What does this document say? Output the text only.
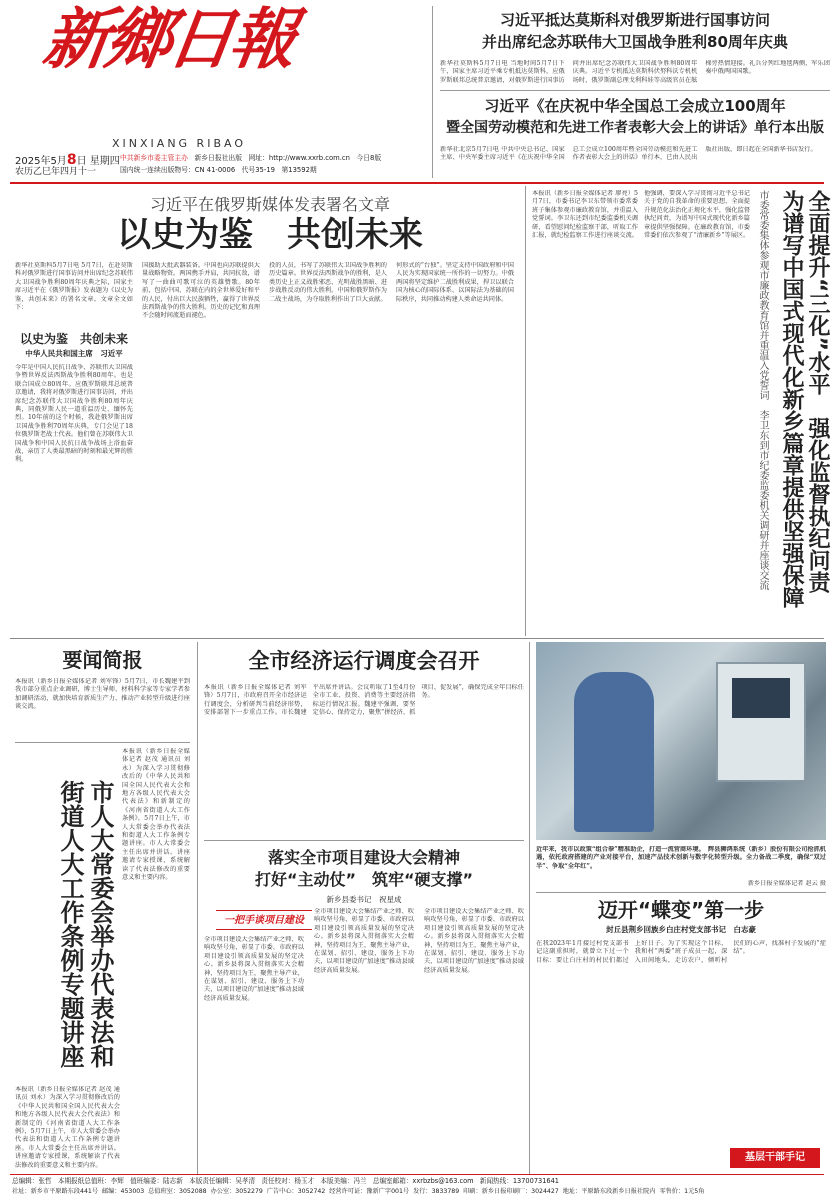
新鄉日報
XINXIANG RIBAO
2025年5月8日 星期四
农历乙巳年四月十一
中共新乡市委主管主办 新乡日报社出版 网址：http://www.xxrb.com.cn 今日8版
国内统一连续出版物号：CN 41-0006 代号35-19 第13592期
习近平抵达莫斯科对俄罗斯进行国事访问
并出席纪念苏联伟大卫国战争胜利80周年庆典
新华社莫斯科5月7日电 当地时间5月7日下午，国家主席习近平乘专机抵达莫斯科，应俄罗斯联邦总统普京邀请，对俄罗斯进行国事访问并出席纪念苏联伟大卫国战争胜利80周年庆典。习近平专机抵达莫斯科伏努科沃专机机场时，俄罗斯副总理戈利科娃等高级官员在舷梯旁热情迎接。礼兵分列红地毯两侧，军乐团奏中俄两国国歌。
习近平《在庆祝中华全国总工会成立100周年
暨全国劳动模范和先进工作者表彰大会上的讲话》单行本出版
新华社北京5月7日电 中共中央总书记、国家主席、中央军委主席习近平《在庆祝中华全国总工会成立100周年暨全国劳动模范和先进工作者表彰大会上的讲话》单行本，已由人民出版社出版，即日起在全国新华书店发行。
习近平在俄罗斯媒体发表署名文章
以史为鉴　共创未来
新华社莫斯科5月7日电 5月7日，在赴莫斯科对俄罗斯进行国事访问并出席纪念苏联伟大卫国战争胜利80周年庆典之际，国家主席习近平在《俄罗斯报》发表题为《以史为鉴，共创未来》的署名文章。文章全文如下：
以史为鉴　共创未来
中华人民共和国主席　习近平
今年是中国人民抗日战争、苏联伟大卫国战争暨世界反法西斯战争胜利80周年。也是联合国成立80周年。应俄罗斯联邦总统普京邀请，我将对俄罗斯进行国事访问，并出席纪念苏联伟大卫国战争胜利80周年庆典，同俄罗斯人民一道重温历史、缅怀先烈。10年前的这个时候，我赴俄罗斯出席卫国战争胜利70周年庆典，专门会见了18位俄罗斯老战士代表。他们曾在苏联伟大卫国战争和中国人民抗日战争战场上浴血奋战，亲历了人类最黑暗的时刻和最光辉的胜利。
国援助大批武器装备。中国也向苏联提供大量战略物资。两国携手并肩，共同抗敌，谱写了一曲曲可歌可泣的英雄赞歌。80年前，包括中国、苏联在内的全世界爱好和平的人民，付出巨大民族牺牲，赢得了世界反法西斯战争的伟大胜利。历史的记忆和真理不会随时间流逝而褪色。
投的人员，书写了苏联伟大卫国战争胜利的历史篇章。世界反法西斯战争的胜利，是人类历史上正义战胜邪恶、光明战胜黑暗、进步战胜反动的伟大胜利。中国和俄罗斯作为二战主战场，为夺取胜利作出了巨大贡献。
何形式的“台独”。坚定支持中国政府和中国人民为实现国家统一所作的一切努力。中俄两国将坚定维护二战胜利成果，捍卫以联合国为核心的国际体系、以国际法为基础的国际秩序，共同推动构建人类命运共同体。
本报讯（新乡日报全媒体记者 廖亮）5月7日，市委书记李卫东带领市委常委班子集体参观市廉政教育馆，并重温入党誓词。李卫东还到市纪委监委机关调研，看望慰问纪检监察干部，听取工作汇报，就纪检监察工作进行座谈交流。他强调，要深入学习贯彻习近平总书记关于党的自我革命的重要思想，全面提升规范化法治化正规化水平，强化监督执纪问责，为谱写中国式现代化新乡篇章提供坚强保障。在廉政教育馆，市委常委们依次参观了“清廉新乡”等展区。	全面提升“三化”水平　强化监督执纪问责
为谱写中国式现代化新乡篇章提供坚强保障
市委常委集体参观市廉政教育馆并重温入党誓词　李卫东到市纪委监委机关调研并座谈交流
要闻简报
本报讯（新乡日报全媒体记者 刘军锋）5月7日，市长魏建平到我市部分重点企业调研，博士生导师、材料科学家等专家学者参加调研活动，就加快培育新质生产力、推动产业转型升级进行座谈交流。
市人大常委会举办代表法和
街道人大工作条例专题讲座
本报讯（新乡日报全媒体记者 赵茂 通讯员 刘永）为深入学习贯彻修改后的《中华人民共和国全国人民代表大会和地方各级人民代表大会代表法》和新制定的《河南省街道人大工作条例》，5月7日上午，市人大常委会举办代表法和街道人大工作条例专题讲座。市人大常委会主任出席并讲话。讲座邀请专家授课，系统解读了代表法修改的重要意义和主要内容。
本报讯（新乡日报全媒体记者 赵茂 通讯员 刘永）为深入学习贯彻修改后的《中华人民共和国全国人民代表大会和地方各级人民代表大会代表法》和新制定的《河南省街道人大工作条例》，5月7日上午，市人大常委会举办代表法和街道人大工作条例专题讲座。市人大常委会主任出席并讲话。讲座邀请专家授课，系统解读了代表法修改的重要意义和主要内容。
全市经济运行调度会召开
本报讯（新乡日报全媒体记者 刘军锋）5月7日，市政府召开全市经济运行调度会，分析研判当前经济形势，安排部署下一步重点工作。市长魏建平出席并讲话。会议听取了1至4月份全市工业、投资、消费等主要经济指标运行情况汇报。魏建平强调，要坚定信心、保持定力，聚焦“拼经济、抓项目、促发展”，确保完成全年目标任务。
落实全市项目建设大会精神
打好“主动仗”　筑牢“硬支撑”
新乡县委书记　祝星成
一把手谈项目建设
全市项目建设大会集结产业之师、吹响攻坚号角，彰显了市委、市政府以项目建设引领高质量发展的坚定决心。新乡县将深入贯彻落实大会精神，坚持项目为王，聚焦主导产业，在谋划、招引、建设、服务上下功夫，以项目建设的“加速度”推动县域经济高质量发展。
全市项目建设大会集结产业之师、吹响攻坚号角，彰显了市委、市政府以项目建设引领高质量发展的坚定决心。新乡县将深入贯彻落实大会精神，坚持项目为王，聚焦主导产业，在谋划、招引、建设、服务上下功夫，以项目建设的“加速度”推动县域经济高质量发展。
全市项目建设大会集结产业之师、吹响攻坚号角，彰显了市委、市政府以项目建设引领高质量发展的坚定决心。新乡县将深入贯彻落实大会精神，坚持项目为王，聚焦主导产业，在谋划、招引、建设、服务上下功夫，以项目建设的“加速度”推动县域经济高质量发展。
近年来，我市以政策“组合拳”精准助企，打造一流营商环境。　辉县狮鸿系统（新乡）股份有限公司抢抓机遇，依托政府搭建的产业对接平台，加速产品技术创新与数字化转型升级。全力备战二季度，确保“双过半”、争取“全年红”。
新乡日报全媒体记者 赵云 摄
迈开“蝶变”第一步
封丘县荆乡回族乡白庄村党支部书记　白志豪
在我2023年1月接过村党支部书记这副重担时，就曾立下过一个目标：要让白庄村的村民们都过上好日子。为了实现这个目标，我和村“两委”班子成员一起，深入田间地头，走访农户，倾听村民们的心声，找准村子发展的“症结”。
基层干部手记
总编辑：张哲 本期报纸总值班：李辉 值班编委：陆志新 本版责任编辑：吴孝清 责任校对：杨玉才 本版美编：冯兰 总编室邮箱：xxrbzbs@163.com 新闻热线：13700731641
社址：新乡市平原路东段441号 邮编：453003 总值班室：3052088 办公室：3052279 广告中心：3052742 经营许可证：豫新广字001号 发行：3833789 印刷：新乡日报印刷厂：3024427 地址：平原路东段新乡日报社院内 零售价：1元5角
